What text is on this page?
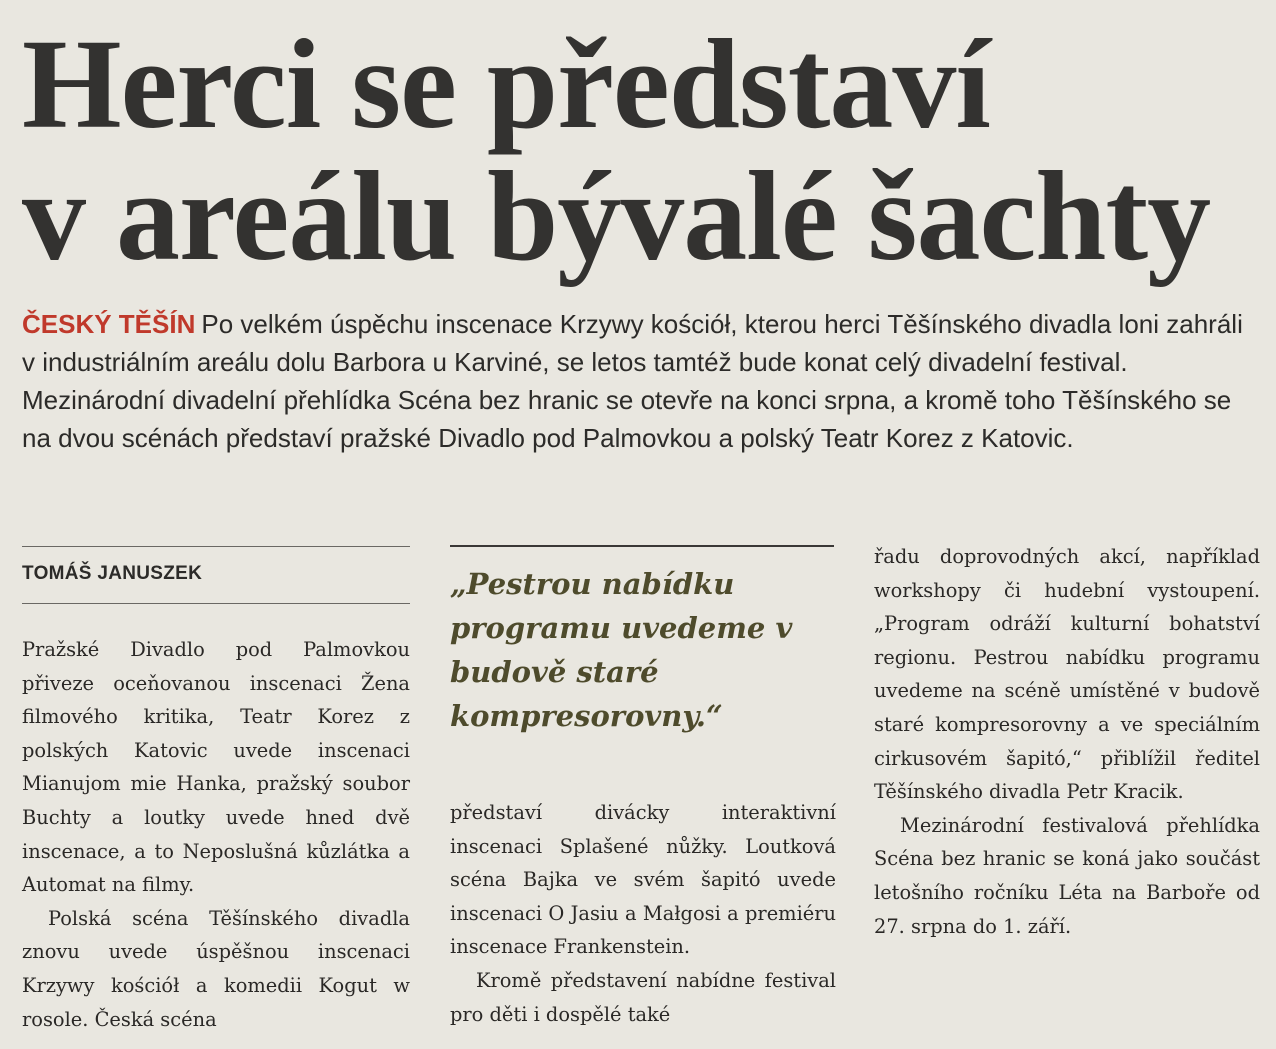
Herci se představí
v areálu bývalé šachty

ČESKÝ TĚŠÍN Po velkém úspěchu inscenace Krzywy kościół, kterou herci Těšínského divadla loni zahráli v industriálním areálu dolu Barbora u Karviné, se letos tamtéž bude konat celý divadelní festival. Mezinárodní divadelní přehlídka Scéna bez hranic se otevře na konci srpna, a kromě toho Těšínského se na dvou scénách představí pražské Divadlo pod Palmovkou a polský Teatr Korez z Katovic.

TOMÁŠ JANUSZEK

Pražské Divadlo pod Palmovkou přiveze oceňovanou inscenaci Žena filmového kritika, Teatr Korez z polských Katovic uvede inscenaci Mianujom mie Hanka, pražský soubor Buchty a loutky uvede hned dvě inscenace, a to Neposlušná kůzlátka a Automat na filmy.

Polská scéna Těšínského divadla znovu uvede úspěšnou inscenaci Krzywy kościół a komedii Kogut w rosole. Česká scéna

„Pestrou nabídku programu uvedeme v budově staré kompresorovny.“

představí divácky interaktivní inscenaci Splašené nůžky. Loutková scéna Bajka ve svém šapitó uvede inscenaci O Jasiu a Małgosi a premiéru inscenace Frankenstein.

Kromě představení nabídne festival pro děti i dospělé také

řadu doprovodných akcí, například workshopy či hudební vystoupení. „Program odráží kulturní bohatství regionu. Pestrou nabídku programu uvedeme na scéně umístěné v budově staré kompresorovny a ve speciálním cirkusovém šapitó,“ přiblížil ředitel Těšínského divadla Petr Kracik.

Mezinárodní festivalová přehlídka Scéna bez hranic se koná jako součást letošního ročníku Léta na Barboře od 27. srpna do 1. září.
